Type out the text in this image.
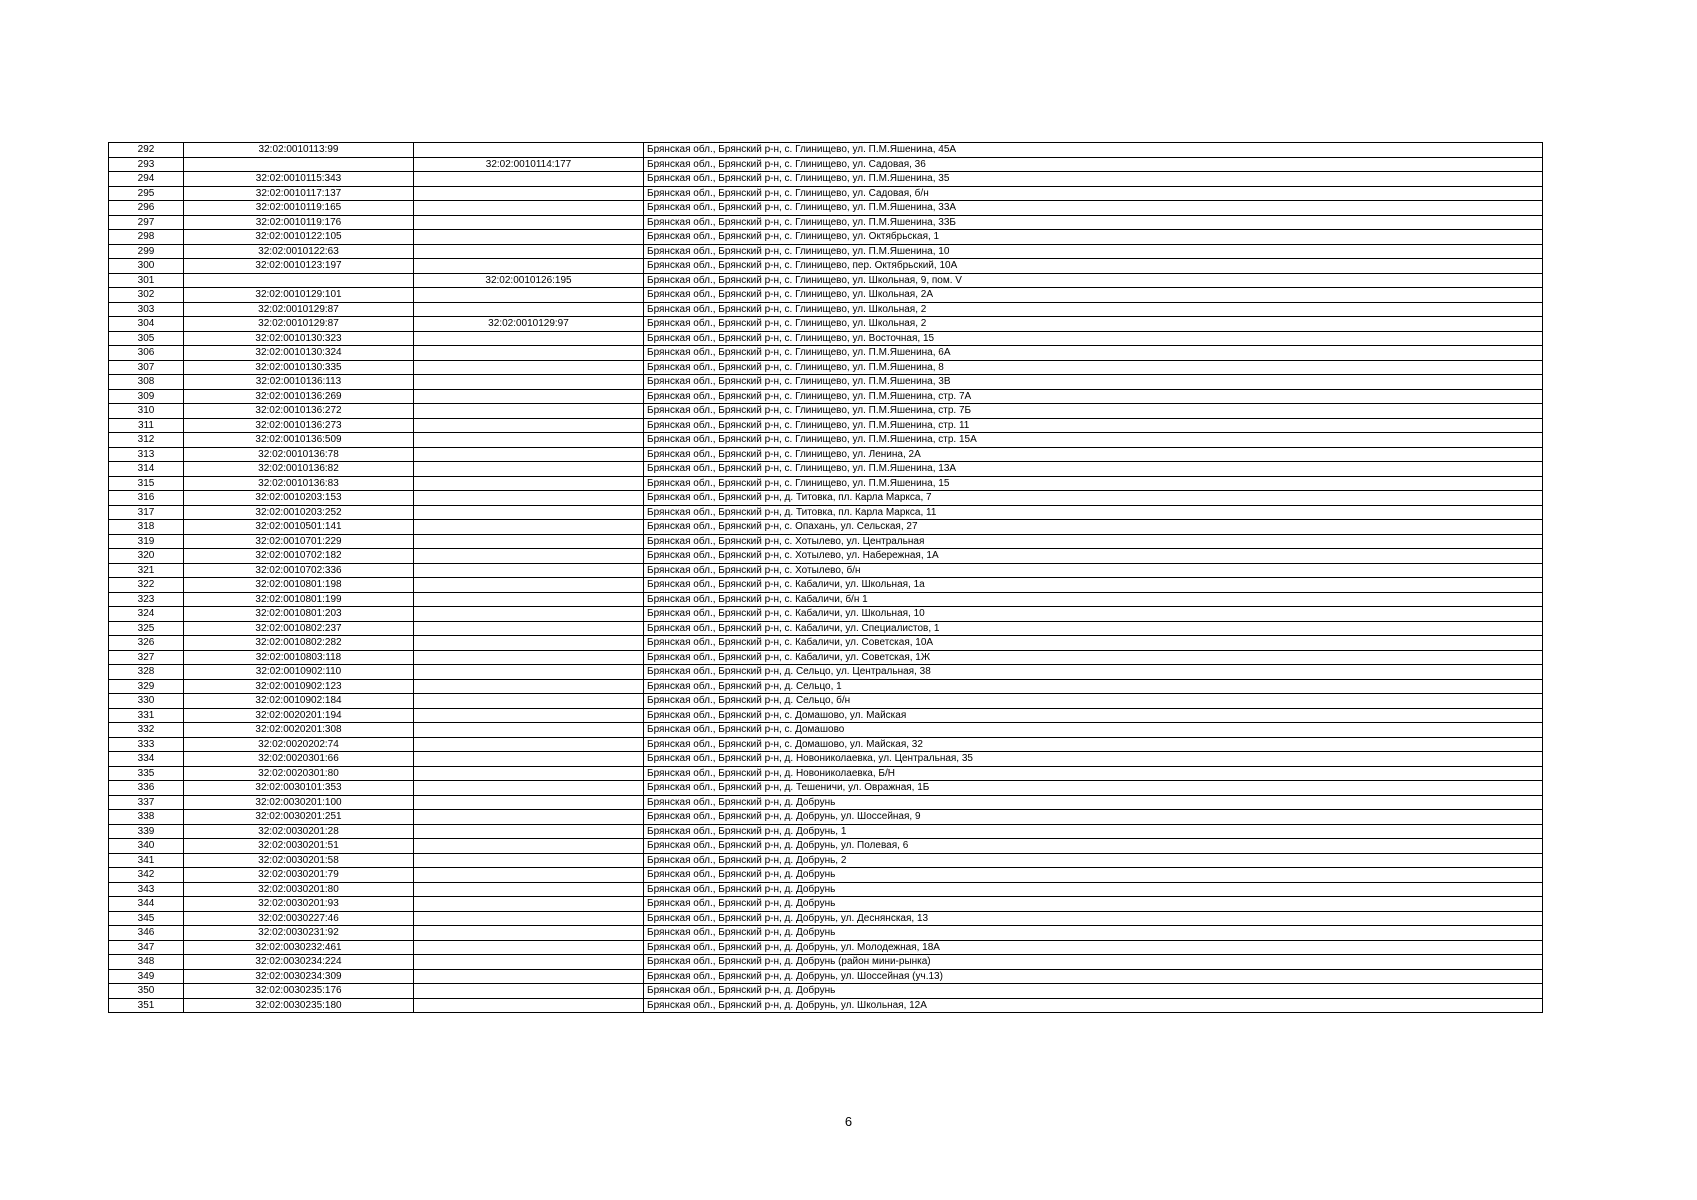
292	32:02:0010113:99		Брянская обл., Брянский р-н, с. Глинищево, ул. П.М.Яшенина, 45А
293		32:02:0010114:177	Брянская обл., Брянский р-н, с. Глинищево, ул. Садовая, 36
294	32:02:0010115:343		Брянская обл., Брянский р-н, с. Глинищево, ул. П.М.Яшенина, 35
295	32:02:0010117:137		Брянская обл., Брянский р-н, с. Глинищево, ул. Садовая, б/н
296	32:02:0010119:165		Брянская обл., Брянский р-н, с. Глинищево, ул. П.М.Яшенина, 33А
297	32:02:0010119:176		Брянская обл., Брянский р-н, с. Глинищево, ул. П.М.Яшенина, 33Б
298	32:02:0010122:105		Брянская обл., Брянский р-н, с. Глинищево, ул. Октябрьская, 1
299	32:02:0010122:63		Брянская обл., Брянский р-н, с. Глинищево, ул. П.М.Яшенина, 10
300	32:02:0010123:197		Брянская обл., Брянский р-н, с. Глинищево, пер. Октябрьский, 10А
301		32:02:0010126:195	Брянская обл., Брянский р-н, с. Глинищево, ул. Школьная, 9, пом. V
302	32:02:0010129:101		Брянская обл., Брянский р-н, с. Глинищево, ул. Школьная, 2А
303	32:02:0010129:87		Брянская обл., Брянский р-н, с. Глинищево, ул. Школьная, 2
304	32:02:0010129:87	32:02:0010129:97	Брянская обл., Брянский р-н, с. Глинищево, ул. Школьная, 2
305	32:02:0010130:323		Брянская обл., Брянский р-н, с. Глинищево, ул. Восточная, 15
306	32:02:0010130:324		Брянская обл., Брянский р-н, с. Глинищево, ул. П.М.Яшенина, 6А
307	32:02:0010130:335		Брянская обл., Брянский р-н, с. Глинищево, ул. П.М.Яшенина, 8
308	32:02:0010136:113		Брянская обл., Брянский р-н, с. Глинищево, ул. П.М.Яшенина, 3В
309	32:02:0010136:269		Брянская обл., Брянский р-н, с. Глинищево, ул. П.М.Яшенина, стр. 7А
310	32:02:0010136:272		Брянская обл., Брянский р-н, с. Глинищево, ул. П.М.Яшенина, стр. 7Б
311	32:02:0010136:273		Брянская обл., Брянский р-н, с. Глинищево, ул. П.М.Яшенина, стр. 11
312	32:02:0010136:509		Брянская обл., Брянский р-н, с. Глинищево, ул. П.М.Яшенина, стр. 15А
313	32:02:0010136:78		Брянская обл., Брянский р-н, с. Глинищево, ул. Ленина, 2А
314	32:02:0010136:82		Брянская обл., Брянский р-н, с. Глинищево, ул. П.М.Яшенина, 13А
315	32:02:0010136:83		Брянская обл., Брянский р-н, с. Глинищево, ул. П.М.Яшенина, 15
316	32:02:0010203:153		Брянская обл., Брянский р-н, д. Титовка, пл. Карла Маркса, 7
317	32:02:0010203:252		Брянская обл., Брянский р-н, д. Титовка, пл. Карла Маркса, 11
318	32:02:0010501:141		Брянская обл., Брянский р-н, с. Опахань, ул. Сельская, 27
319	32:02:0010701:229		Брянская обл., Брянский р-н, с. Хотылево, ул. Центральная
320	32:02:0010702:182		Брянская обл., Брянский р-н, с. Хотылево, ул. Набережная, 1А
321	32:02:0010702:336		Брянская обл., Брянский р-н, с. Хотылево, б/н
322	32:02:0010801:198		Брянская обл., Брянский р-н, с. Кабаличи, ул. Школьная, 1а
323	32:02:0010801:199		Брянская обл., Брянский р-н, с. Кабаличи, б/н 1
324	32:02:0010801:203		Брянская обл., Брянский р-н, с. Кабаличи, ул. Школьная, 10
325	32:02:0010802:237		Брянская обл., Брянский р-н, с. Кабаличи, ул. Специалистов, 1
326	32:02:0010802:282		Брянская обл., Брянский р-н, с. Кабаличи, ул. Советская, 10А
327	32:02:0010803:118		Брянская обл., Брянский р-н, с. Кабаличи, ул. Советская, 1Ж
328	32:02:0010902:110		Брянская обл., Брянский р-н, д. Сельцо, ул. Центральная, 38
329	32:02:0010902:123		Брянская обл., Брянский р-н, д. Сельцо, 1
330	32:02:0010902:184		Брянская обл., Брянский р-н, д. Сельцо, б/н
331	32:02:0020201:194		Брянская обл., Брянский р-н, с. Домашово, ул. Майская
332	32:02:0020201:308		Брянская обл., Брянский р-н, с. Домашово
333	32:02:0020202:74		Брянская обл., Брянский р-н, с. Домашово, ул. Майская, 32
334	32:02:0020301:66		Брянская обл., Брянский р-н, д. Новониколаевка, ул. Центральная, 35
335	32:02:0020301:80		Брянская обл., Брянский р-н, д. Новониколаевка, Б/Н
336	32:02:0030101:353		Брянская обл., Брянский р-н, д. Тешеничи, ул. Овражная, 1Б
337	32:02:0030201:100		Брянская обл., Брянский р-н, д. Добрунь
338	32:02:0030201:251		Брянская обл., Брянский р-н, д. Добрунь, ул. Шоссейная, 9
339	32:02:0030201:28		Брянская обл., Брянский р-н, д. Добрунь, 1
340	32:02:0030201:51		Брянская обл., Брянский р-н, д. Добрунь, ул. Полевая, 6
341	32:02:0030201:58		Брянская обл., Брянский р-н, д. Добрунь, 2
342	32:02:0030201:79		Брянская обл., Брянский р-н, д. Добрунь
343	32:02:0030201:80		Брянская обл., Брянский р-н, д. Добрунь
344	32:02:0030201:93		Брянская обл., Брянский р-н, д. Добрунь
345	32:02:0030227:46		Брянская обл., Брянский р-н, д. Добрунь, ул. Деснянская, 13
346	32:02:0030231:92		Брянская обл., Брянский р-н, д. Добрунь
347	32:02:0030232:461		Брянская обл., Брянский р-н, д. Добрунь, ул. Молодежная, 18А
348	32:02:0030234:224		Брянская обл., Брянский р-н, д. Добрунь (район мини-рынка)
349	32:02:0030234:309		Брянская обл., Брянский р-н, д. Добрунь, ул. Шоссейная (уч.13)
350	32:02:0030235:176		Брянская обл., Брянский р-н, д. Добрунь
351	32:02:0030235:180		Брянская обл., Брянский р-н, д. Добрунь, ул. Школьная, 12А
6
